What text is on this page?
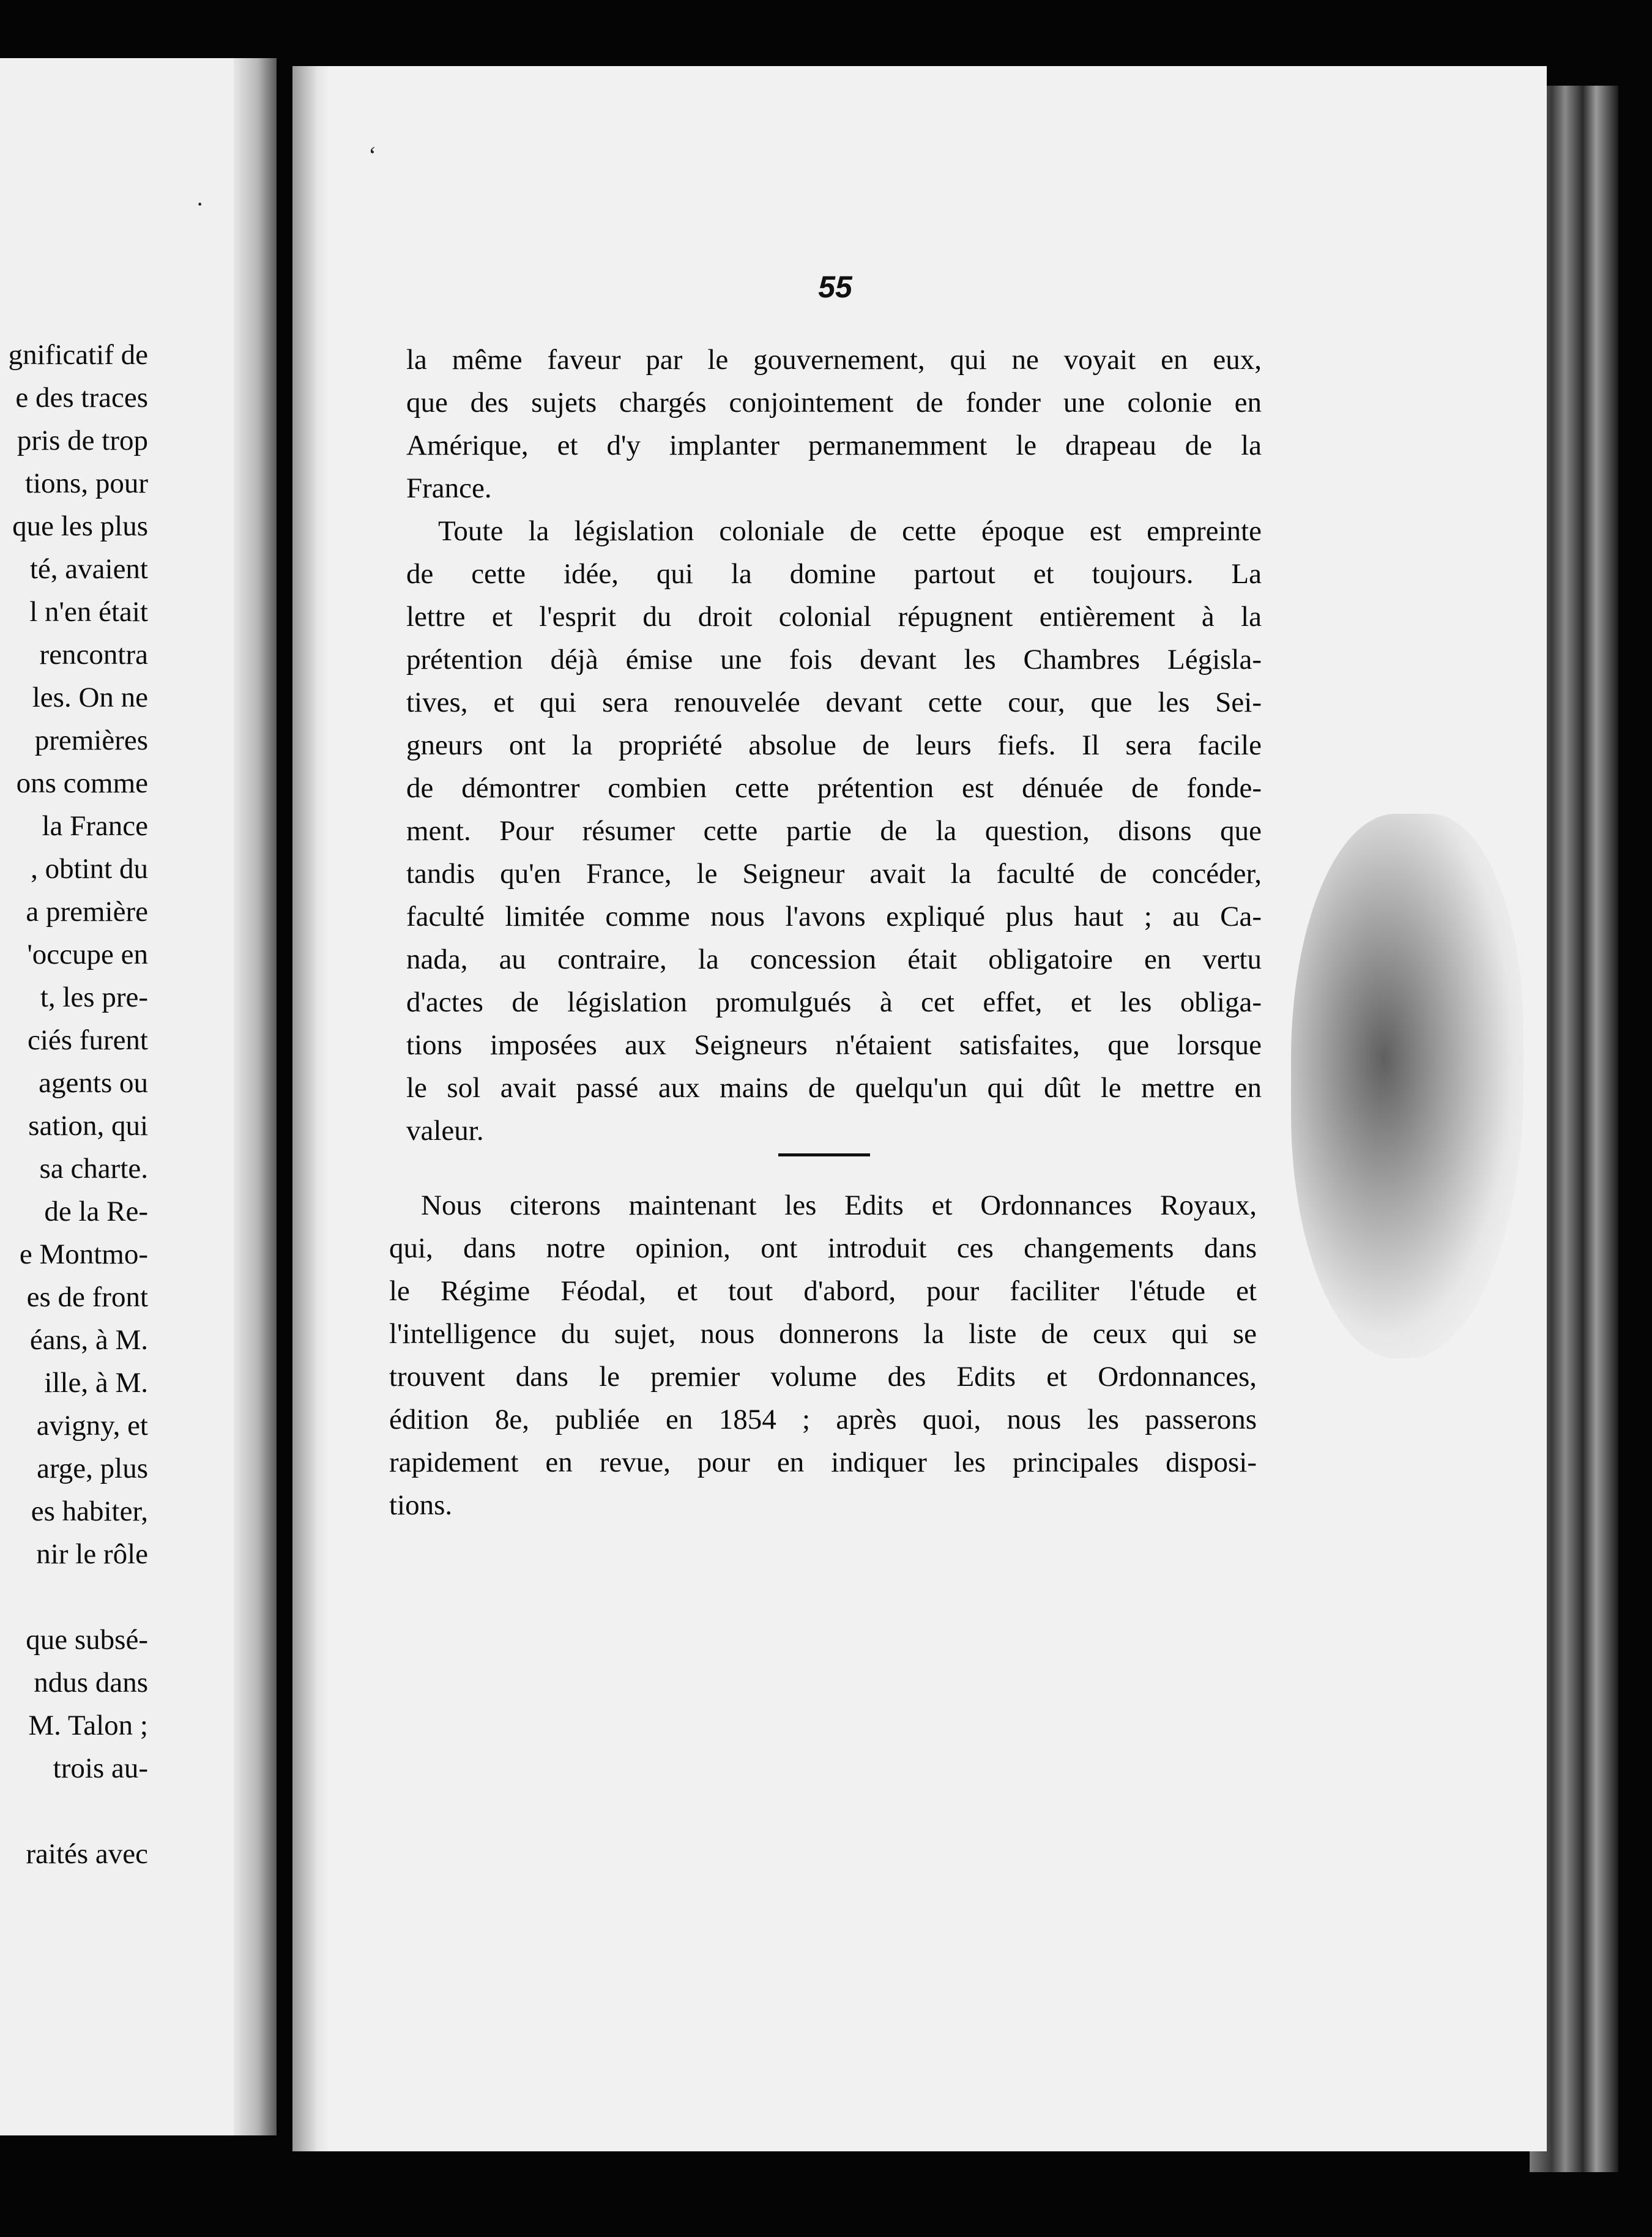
gnificatif de
e des traces
pris de trop
tions, pour
que les plus
té, avaient
l n'en était
rencontra
les. On ne
premières
ons comme
la France
, obtint du
a première
'occupe en
t, les pre-
ciés furent
agents ou
sation, qui
sa charte.
de la Re-
e Montmo-
es de front
éans, à M.
ille, à M.
avigny, et
arge, plus
es habiter,
nir le rôle
que subsé-
ndus dans
M. Talon ;
trois au-
raités avec
55
la même faveur par le gouvernement, qui ne voyait en eux,
que des sujets chargés conjointement de fonder une colonie en
Amérique, et d'y implanter permanemment le drapeau de la
France.
Toute la législation coloniale de cette époque est empreinte
de cette idée, qui la domine partout et toujours. La
lettre et l'esprit du droit colonial répugnent entièrement à la
prétention déjà émise une fois devant les Chambres Législa-
tives, et qui sera renouvelée devant cette cour, que les Sei-
gneurs ont la propriété absolue de leurs fiefs. Il sera facile
de démontrer combien cette prétention est dénuée de fonde-
ment. Pour résumer cette partie de la question, disons que
tandis qu'en France, le Seigneur avait la faculté de concéder,
faculté limitée comme nous l'avons expliqué plus haut ; au Ca-
nada, au contraire, la concession était obligatoire en vertu
d'actes de législation promulgués à cet effet, et les obliga-
tions imposées aux Seigneurs n'étaient satisfaites, que lorsque
le sol avait passé aux mains de quelqu'un qui dût le mettre en
valeur.
Nous citerons maintenant les Edits et Ordonnances Royaux,
qui, dans notre opinion, ont introduit ces changements dans
le Régime Féodal, et tout d'abord, pour faciliter l'étude et
l'intelligence du sujet, nous donnerons la liste de ceux qui se
trouvent dans le premier volume des Edits et Ordonnances,
édition 8e, publiée en 1854 ; après quoi, nous les passerons
rapidement en revue, pour en indiquer les principales disposi-
tions.
‘
·
